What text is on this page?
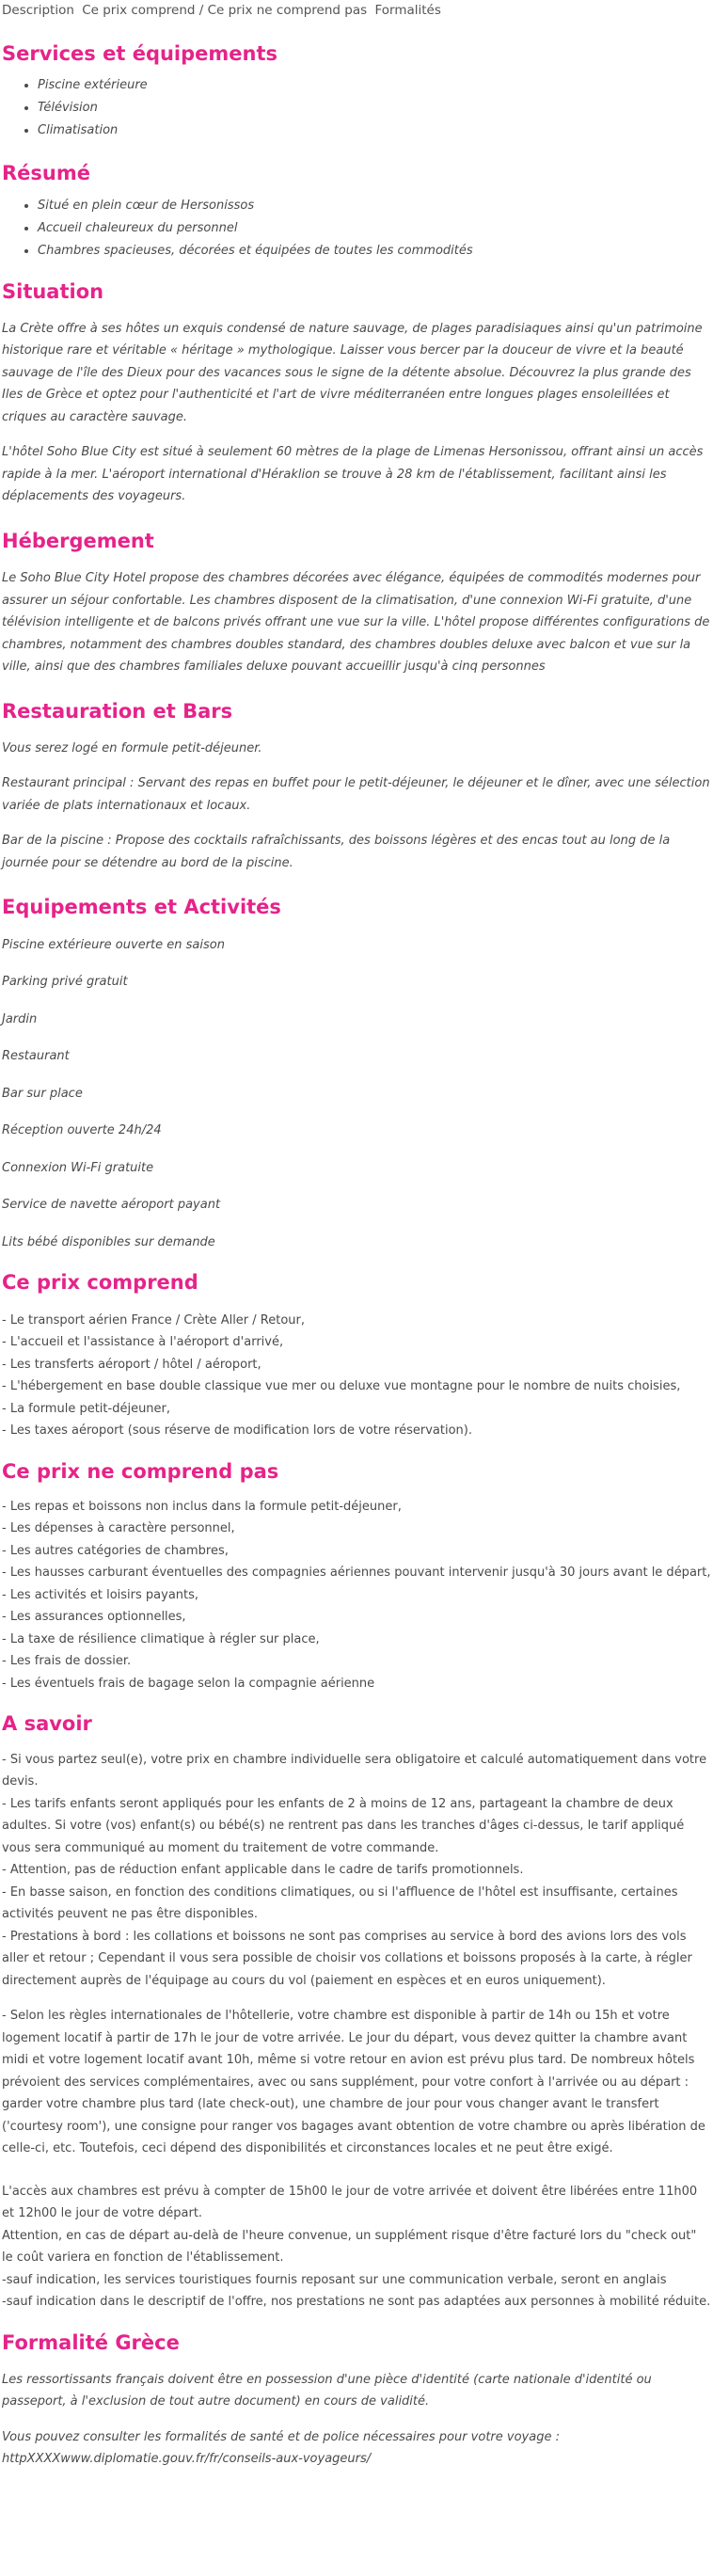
Description Ce prix comprend / Ce prix ne comprend pas Formalités
Services et équipements
• Piscine extérieure
• Télévision
• Climatisation
Résumé
• Situé en plein cœur de Hersonissos
• Accueil chaleureux du personnel
• Chambres spacieuses, décorées et équipées de toutes les commodités
Situation

La Crète offre à ses hôtes un exquis condensé de nature sauvage, de plages paradisiaques ainsi qu'un patrimoine historique rare et véritable « héritage » mythologique. Laisser vous bercer par la douceur de vivre et la beauté sauvage de l'île des Dieux pour des vacances sous le signe de la détente absolue. Découvrez la plus grande des Iles de Grèce et optez pour l'authenticité et l'art de vivre méditerranéen entre longues plages ensoleillées et criques au caractère sauvage.

L'hôtel Soho Blue City est situé à seulement 60 mètres de la plage de Limenas Hersonissou, offrant ainsi un accès rapide à la mer. L'aéroport international d'Héraklion se trouve à 28 km de l'établissement, facilitant ainsi les déplacements des voyageurs.

Hébergement

Le Soho Blue City Hotel propose des chambres décorées avec élégance, équipées de commodités modernes pour assurer un séjour confortable. Les chambres disposent de la climatisation, d'une connexion Wi-Fi gratuite, d'une télévision intelligente et de balcons privés offrant une vue sur la ville. L'hôtel propose différentes configurations de chambres, notamment des chambres doubles standard, des chambres doubles deluxe avec balcon et vue sur la ville, ainsi que des chambres familiales deluxe pouvant accueillir jusqu'à cinq personnes

Restauration et Bars

Vous serez logé en formule petit-déjeuner.

Restaurant principal : Servant des repas en buffet pour le petit-déjeuner, le déjeuner et le dîner, avec une sélection variée de plats internationaux et locaux.

Bar de la piscine : Propose des cocktails rafraîchissants, des boissons légères et des encas tout au long de la journée pour se détendre au bord de la piscine.

Equipements et Activités

Piscine extérieure ouverte en saison

Parking privé gratuit

Jardin

Restaurant

Bar sur place

Réception ouverte 24h/24

Connexion Wi-Fi gratuite

Service de navette aéroport payant

Lits bébé disponibles sur demande

Ce prix comprend
- Le transport aérien France / Crète Aller / Retour,
- L'accueil et l'assistance à l'aéroport d'arrivé,
- Les transferts aéroport / hôtel / aéroport,
- L'hébergement en base double classique vue mer ou deluxe vue montagne pour le nombre de nuits choisies,
- La formule petit-déjeuner,
- Les taxes aéroport (sous réserve de modification lors de votre réservation).
Ce prix ne comprend pas
- Les repas et boissons non inclus dans la formule petit-déjeuner,
- Les dépenses à caractère personnel,
- Les autres catégories de chambres,
- Les hausses carburant éventuelles des compagnies aériennes pouvant intervenir jusqu'à 30 jours avant le départ,
- Les activités et loisirs payants,
- Les assurances optionnelles,
- La taxe de résilience climatique à régler sur place,
- Les frais de dossier.
- Les éventuels frais de bagage selon la compagnie aérienne
A savoir

- Si vous partez seul(e), votre prix en chambre individuelle sera obligatoire et calculé automatiquement dans votre devis.
- Les tarifs enfants seront appliqués pour les enfants de 2 à moins de 12 ans, partageant la chambre de deux adultes. Si votre (vos) enfant(s) ou bébé(s) ne rentrent pas dans les tranches d'âges ci-dessus, le tarif appliqué vous sera communiqué au moment du traitement de votre commande.
- Attention, pas de réduction enfant applicable dans le cadre de tarifs promotionnels.
- En basse saison, en fonction des conditions climatiques, ou si l'affluence de l'hôtel est insuffisante, certaines activités peuvent ne pas être disponibles.
- Prestations à bord : les collations et boissons ne sont pas comprises au service à bord des avions lors des vols aller et retour ; Cependant il vous sera possible de choisir vos collations et boissons proposés à la carte, à régler directement auprès de l'équipage au cours du vol (paiement en espèces et en euros uniquement).

- Selon les règles internationales de l'hôtellerie, votre chambre est disponible à partir de 14h ou 15h et votre logement locatif à partir de 17h le jour de votre arrivée. Le jour du départ, vous devez quitter la chambre avant midi et votre logement locatif avant 10h, même si votre retour en avion est prévu plus tard. De nombreux hôtels prévoient des services complémentaires, avec ou sans supplément, pour votre confort à l'arrivée ou au départ : garder votre chambre plus tard (late check-out), une chambre de jour pour vous changer avant le transfert ('courtesy room'), une consigne pour ranger vos bagages avant obtention de votre chambre ou après libération de celle-ci, etc. Toutefois, ceci dépend des disponibilités et circonstances locales et ne peut être exigé.

L'accès aux chambres est prévu à compter de 15h00 le jour de votre arrivée et doivent être libérées entre 11h00 et 12h00 le jour de votre départ.
Attention, en cas de départ au-delà de l'heure convenue, un supplément risque d'être facturé lors du "check out" le coût variera en fonction de l'établissement.
-sauf indication, les services touristiques fournis reposant sur une communication verbale, seront en anglais
-sauf indication dans le descriptif de l'offre, nos prestations ne sont pas adaptées aux personnes à mobilité réduite.

Formalité Grèce

Les ressortissants français doivent être en possession d'une pièce d'identité (carte nationale d'identité ou passeport, à l'exclusion de tout autre document) en cours de validité.

Vous pouvez consulter les formalités de santé et de police nécessaires pour votre voyage :
httpXXXXwww.diplomatie.gouv.fr/fr/conseils-aux-voyageurs/
